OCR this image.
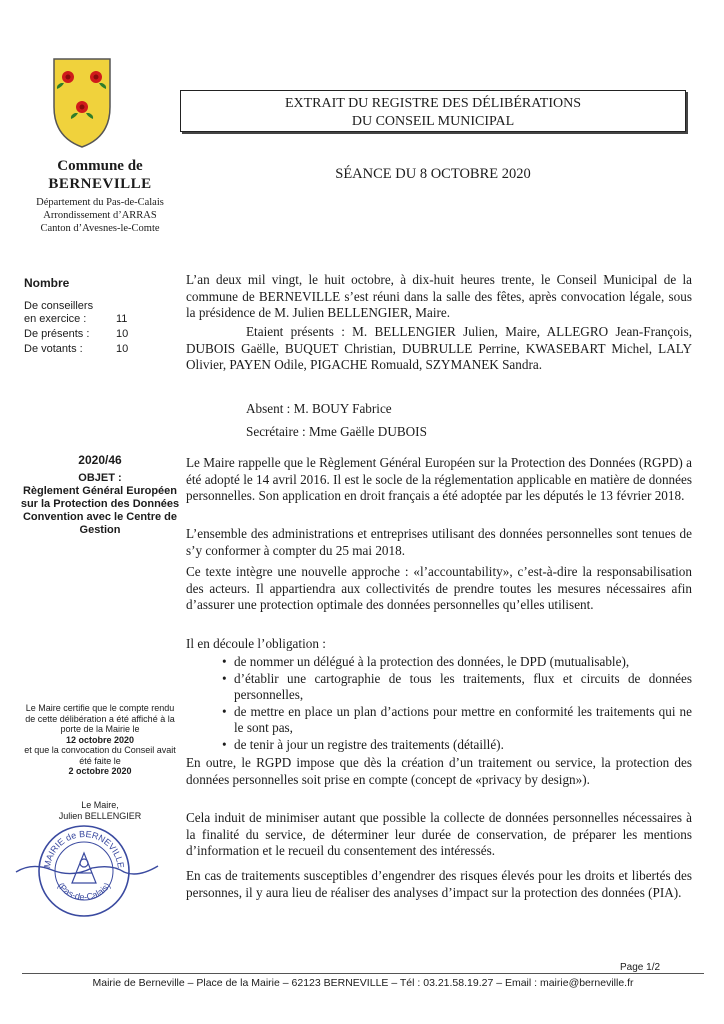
Commune de
BERNEVILLE
Département du Pas-de-Calais
Arrondissement d’ARRAS
Canton d’Avesnes-le-Comte
EXTRAIT DU REGISTRE DES DÉLIBÉRATIONS
DU CONSEIL MUNICIPAL
SÉANCE DU 8 OCTOBRE 2020
Nombre
De conseillers
en exercice :	11
De présents : 10
De votants :	10
2020/46
OBJET :
Règlement Général Européen sur la Protection des Données Convention avec le Centre de Gestion
Le Maire certifie que le compte rendu de cette délibération a été affiché à la porte de la Mairie le
12 octobre 2020
et que la convocation du Conseil avait été faite le
2 octobre 2020
Le Maire,
Julien BELLENGIER
MAIRIE de BERNEVILLE
(Pas-de-Calais)
L’an deux mil vingt, le huit octobre, à dix-huit heures trente, le Conseil Municipal de la commune de BERNEVILLE s’est réuni dans la salle des fêtes, après convocation légale, sous la présidence de M. Julien BELLENGIER, Maire.
Etaient présents : M. BELLENGIER Julien, Maire, ALLEGRO Jean-François, DUBOIS Gaëlle, BUQUET Christian, DUBRULLE Perrine, KWASEBART Michel, LALY Olivier, PAYEN Odile, PIGACHE Romuald, SZYMANEK Sandra.
Absent : M. BOUY Fabrice
Secrétaire : Mme Gaëlle DUBOIS
Le Maire rappelle que le Règlement Général Européen sur la Protection des Données (RGPD) a été adopté le 14 avril 2016. Il est le socle de la réglementation applicable en matière de données personnelles. Son application en droit français a été adoptée par les députés le 13 février 2018.
L’ensemble des administrations et entreprises utilisant des données personnelles sont tenues de s’y conformer à compter du 25 mai 2018.
Ce texte intègre une nouvelle approche : «l’accountability», c’est-à-dire la responsabilisation des acteurs. Il appartiendra aux collectivités de prendre toutes les mesures nécessaires afin d’assurer une protection optimale des données personnelles qu’elles utilisent.
Il en découle l’obligation :
• de nommer un délégué à la protection des données, le DPD (mutualisable),
• d’établir une cartographie de tous les traitements, flux et circuits de données personnelles,
• de mettre en place un plan d’actions pour mettre en conformité les traitements qui ne le sont pas,
• de tenir à jour un registre des traitements (détaillé).
En outre, le RGPD impose que dès la création d’un traitement ou service, la protection des données personnelles soit prise en compte (concept de «privacy by design»).
Cela induit de minimiser autant que possible la collecte de données personnelles nécessaires à la finalité du service, de déterminer leur durée de conservation, de préparer les mentions d’information et le recueil du consentement des intéressés.
En cas de traitements susceptibles d’engendrer des risques élevés pour les droits et libertés des personnes, il y aura lieu de réaliser des analyses d’impact sur la protection des données (PIA).
Page 1/2
Mairie de Berneville – Place de la Mairie – 62123 BERNEVILLE – Tél : 03.21.58.19.27 – Email : mairie@berneville.fr
